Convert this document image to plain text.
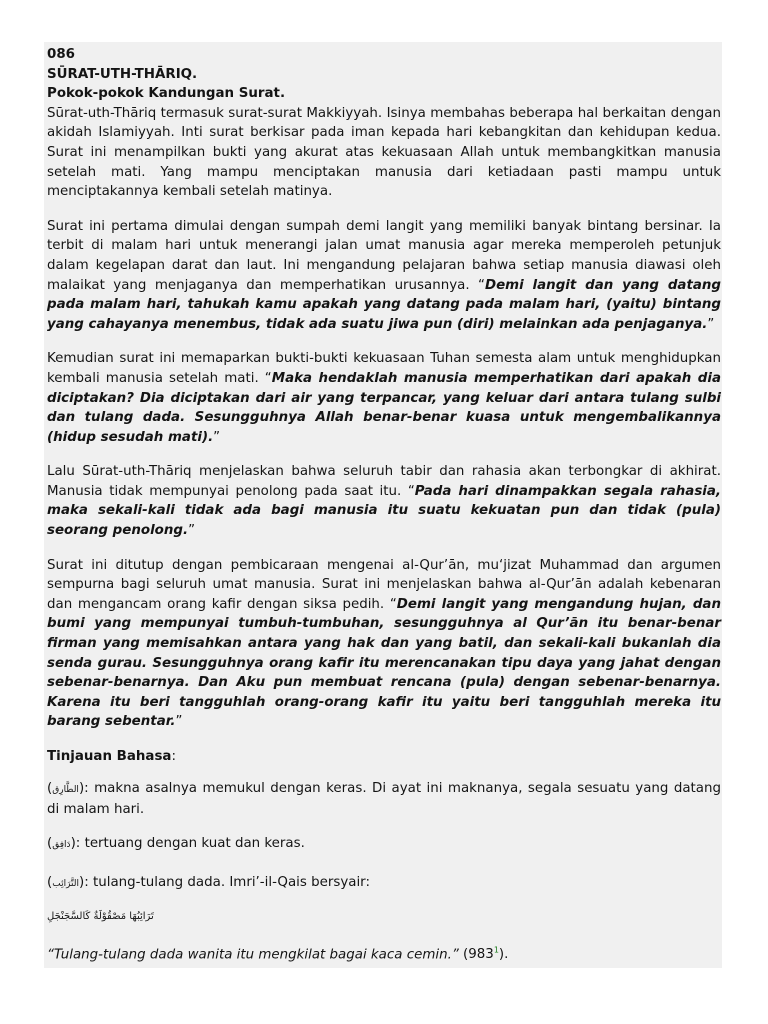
086
SŪRAT-UTH-THĀRIQ.
Pokok-pokok Kandungan Surat.

Sūrat-uth-Thāriq termasuk surat-surat Makkiyyah. Isinya membahas beberapa hal berkaitan dengan akidah Islamiyyah. Inti surat berkisar pada iman kepada hari kebangkitan dan kehidupan kedua. Surat ini menampilkan bukti yang akurat atas kekuasaan Allah untuk membangkitkan manusia setelah mati. Yang mampu menciptakan manusia dari ketiadaan pasti mampu untuk menciptakannya kembali setelah matinya.

Surat ini pertama dimulai dengan sumpah demi langit yang memiliki banyak bintang bersinar. Ia terbit di malam hari untuk menerangi jalan umat manusia agar mereka memperoleh petunjuk dalam kegelapan darat dan laut. Ini mengandung pelajaran bahwa setiap manusia diawasi oleh malaikat yang menjaganya dan memperhatikan urusannya. “Demi langit dan yang datang pada malam hari, tahukah kamu apakah yang datang pada malam hari, (yaitu) bintang yang cahayanya menembus, tidak ada suatu jiwa pun (diri) melainkan ada penjaganya.”

Kemudian surat ini memaparkan bukti-bukti kekuasaan Tuhan semesta alam untuk menghidupkan kembali manusia setelah mati. “Maka hendaklah manusia memperhatikan dari apakah dia diciptakan? Dia diciptakan dari air yang terpancar, yang keluar dari antara tulang sulbi dan tulang dada. Sesungguhnya Allah benar-benar kuasa untuk mengembalikannya (hidup sesudah mati).”

Lalu Sūrat-uth-Thāriq menjelaskan bahwa seluruh tabir dan rahasia akan terbongkar di akhirat. Manusia tidak mempunyai penolong pada saat itu. “Pada hari dinampakkan segala rahasia, maka sekali-kali tidak ada bagi manusia itu suatu kekuatan pun dan tidak (pula) seorang penolong.”

Surat ini ditutup dengan pembicaraan mengenai al-Qur’ān, mu‘jizat Muhammad dan argumen sempurna bagi seluruh umat manusia. Surat ini menjelaskan bahwa al-Qur’ān adalah kebenaran dan mengancam orang kafir dengan siksa pedih. “Demi langit yang mengandung hujan, dan bumi yang mempunyai tumbuh-tumbuhan, sesungguhnya al Qur’ān itu benar-benar firman yang memisahkan antara yang hak dan yang batil, dan sekali-kali bukanlah dia senda gurau. Sesungguhnya orang kafir itu merencanakan tipu daya yang jahat dengan sebenar-benarnya. Dan Aku pun membuat rencana (pula) dengan sebenar-benarnya. Karena itu beri tangguhlah orang-orang kafir itu yaitu beri tangguhlah mereka itu barang sebentar.”

Tinjauan Bahasa:
(الطَّارِق): makna asalnya memukul dengan keras. Di ayat ini maknanya, segala sesuatu yang datang di malam hari.
(دَافِق): tertuang dengan kuat dan keras.
(التَّرَائِب): tulang-tulang dada. Imri’-il-Qais bersyair:
تَرَائِبُهَا مَصْقُوْلَةٌ كَالسَّجَنْجَلِ
“Tulang-tulang dada wanita itu mengkilat bagai kaca cemin.” (983$^1$).
